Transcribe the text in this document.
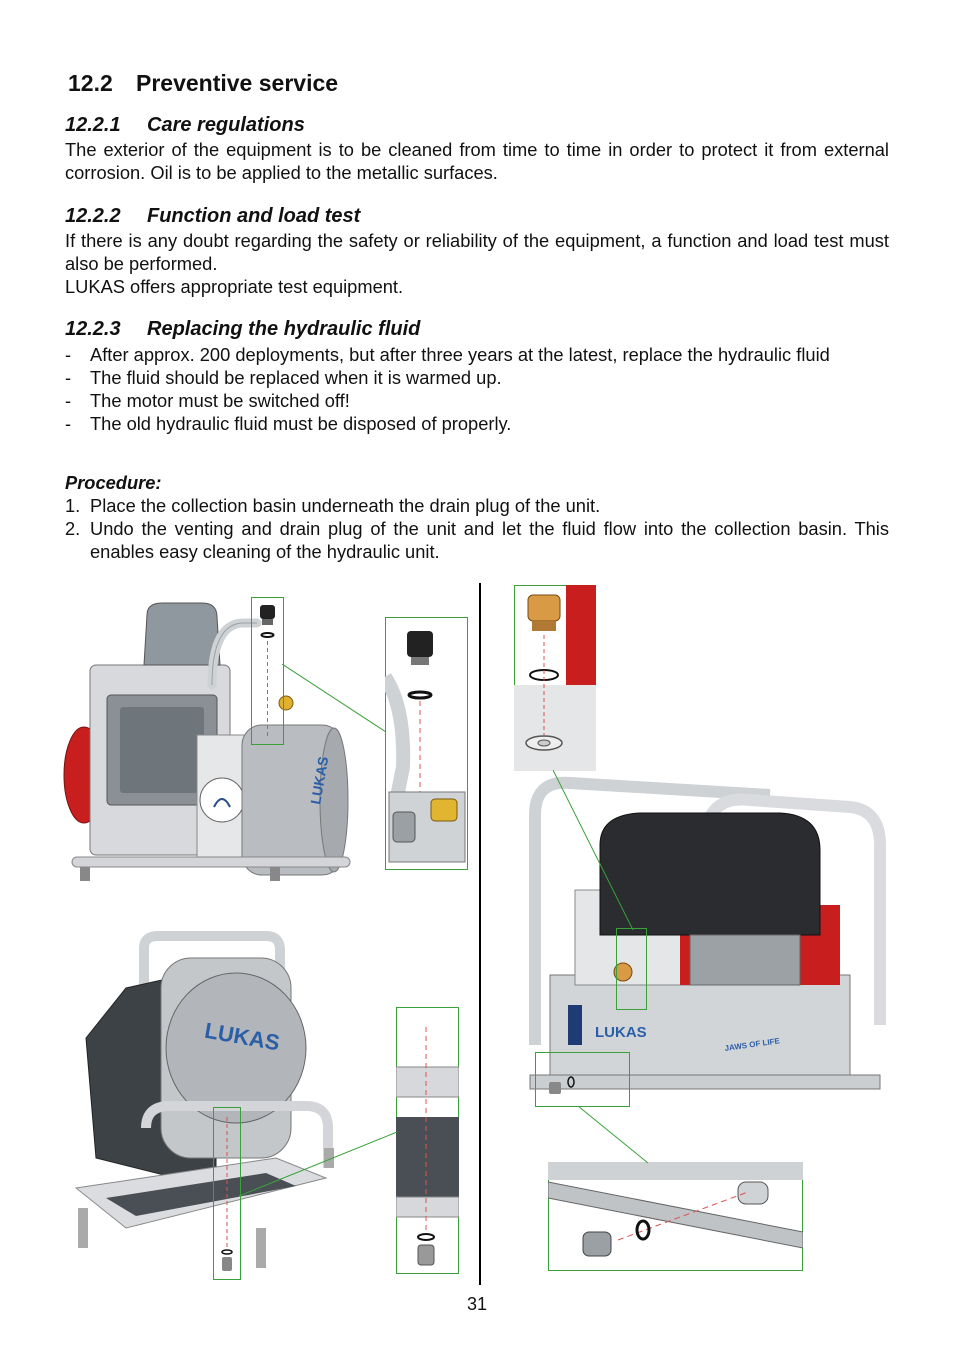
12.2 Preventive service
12.2.1 Care regulations

The exterior of the equipment is to be cleaned from time to time in order to protect it from external corrosion. Oil is to be applied to the metallic surfaces.

12.2.2 Function and load test

If there is any doubt regarding the safety or reliability of the equipment, a function and load test must also be performed.

LUKAS offers appropriate test equipment.

12.2.3 Replacing the hydraulic fluid
- After approx. 200 deployments, but after three years at the latest, replace the hydraulic fluid
- The fluid should be replaced when it is warmed up.
- The motor must be switched off!
- The old hydraulic fluid must be disposed of properly.

Procedure:

1. Place the collection basin underneath the drain plug of the unit.
2. Undo the venting and drain plug of the unit and let the fluid flow into the collection basin. This enables easy cleaning of the hydraulic unit.
LUKAS
LUKAS	LUKAS
JAWS OF LIFE
31
